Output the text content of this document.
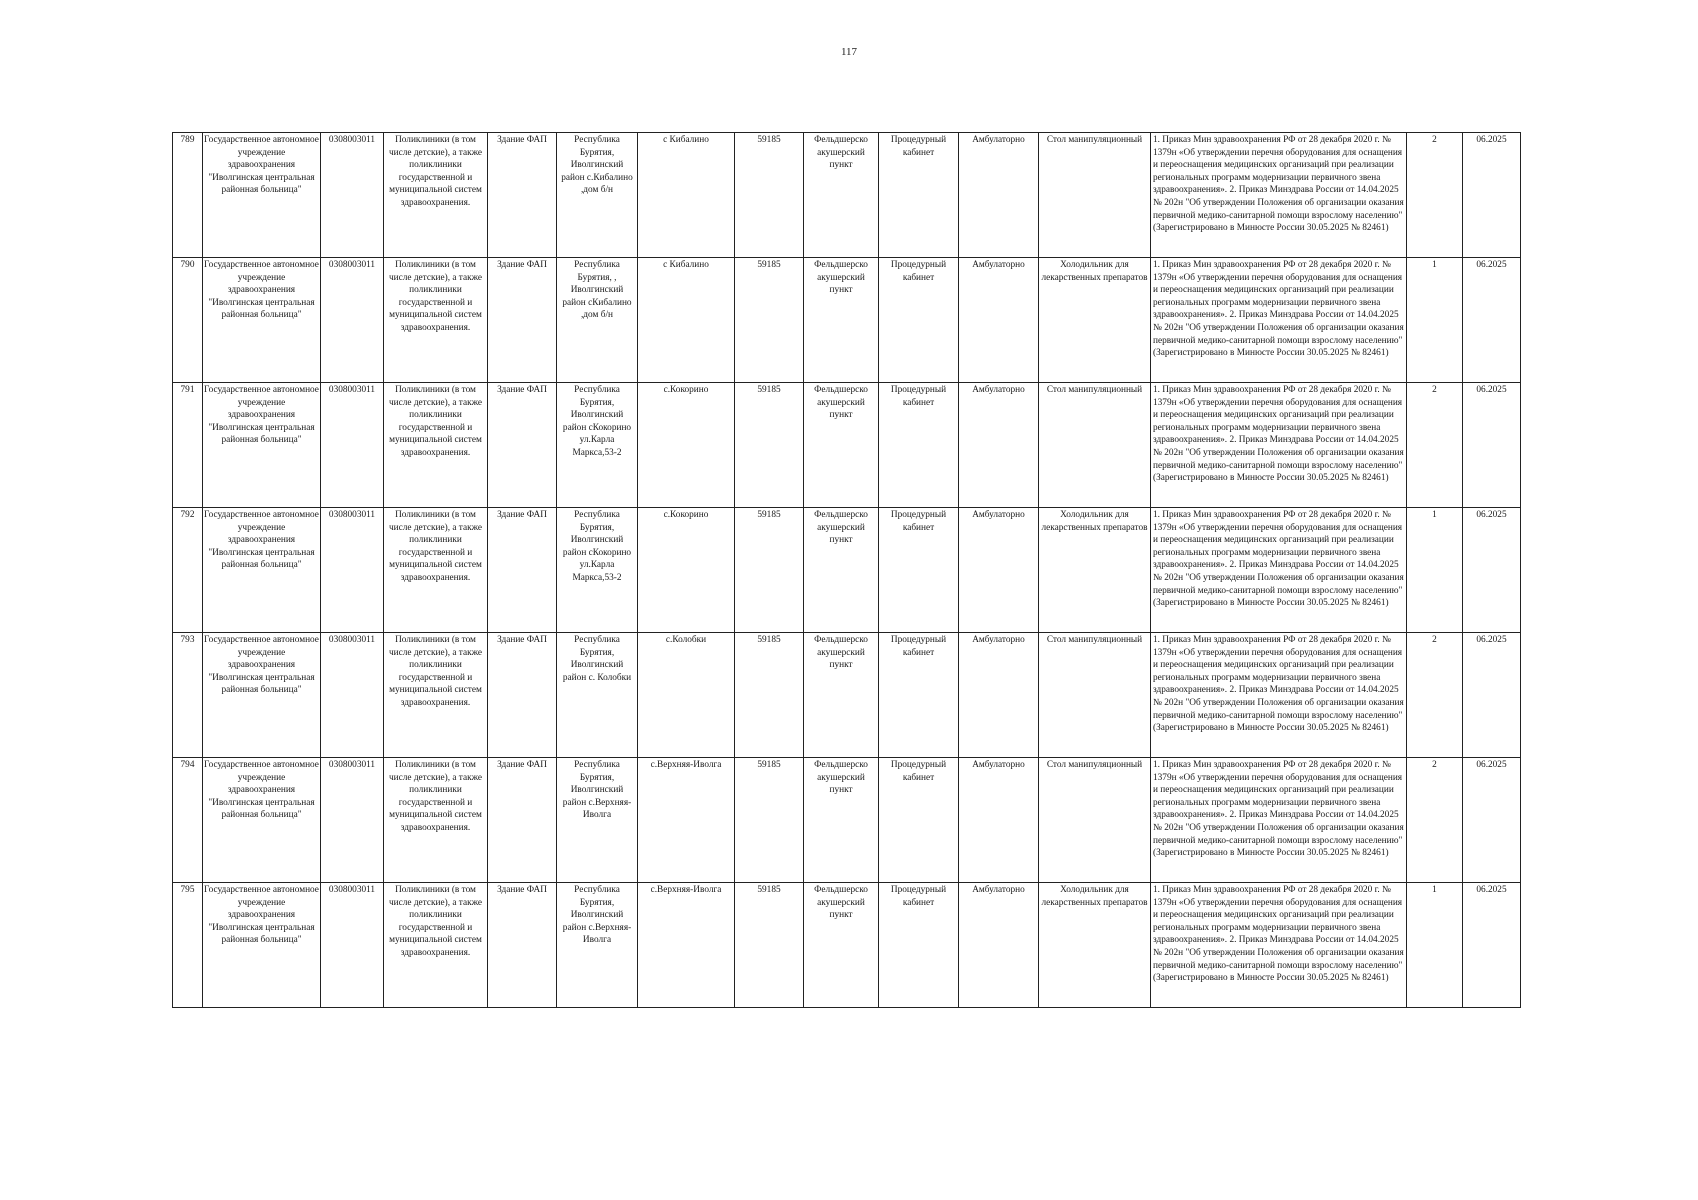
117
789	Государственное автономное учреждение здравоохранения "Иволгинская центральная районная больница"	0308003011	Поликлиники (в том числе детские), а также поликлиники государственной и муниципальной систем здравоохранения.	Здание ФАП	Республика Бурятия, Иволгинский район с.Кибалино ,дом б/н	с Кибалино	59185	Фельдшерско акушерский пункт	Процедурный кабинет	Амбулаторно	Стол манипуляционный	1. Приказ Мин здравоохранения РФ от 28 декабря 2020 г. № 1379н «Об утверждении перечня оборудования для оснащения и переоснащения медицинских организаций при реализации региональных программ модернизации первичного звена здравоохранения». 2. Приказ Минздрава России от 14.04.2025 № 202н "Об утверждении Положения об организации оказания первичной медико-санитарной помощи взрослому населению" (Зарегистрировано в Минюсте России 30.05.2025 № 82461)	2	06.2025
790	Государственное автономное учреждение здравоохранения "Иволгинская центральная районная больница"	0308003011	Поликлиники (в том числе детские), а также поликлиники государственной и муниципальной систем здравоохранения.	Здание ФАП	Республика Бурятия, , Иволгинский район сКибалино ,дом б/н	с Кибалино	59185	Фельдшерско акушерский пункт	Процедурный кабинет	Амбулаторно	Холодильник для лекарственных препаратов	1. Приказ Мин здравоохранения РФ от 28 декабря 2020 г. № 1379н «Об утверждении перечня оборудования для оснащения и переоснащения медицинских организаций при реализации региональных программ модернизации первичного звена здравоохранения». 2. Приказ Минздрава России от 14.04.2025 № 202н "Об утверждении Положения об организации оказания первичной медико-санитарной помощи взрослому населению" (Зарегистрировано в Минюсте России 30.05.2025 № 82461)	1	06.2025
791	Государственное автономное учреждение здравоохранения "Иволгинская центральная районная больница"	0308003011	Поликлиники (в том числе детские), а также поликлиники государственной и муниципальной систем здравоохранения.	Здание ФАП	Республика Бурятия, Иволгинский район сКокорино ул.Карла Маркса,53-2	с.Кокорино	59185	Фельдшерско акушерский пункт	Процедурный кабинет	Амбулаторно	Стол манипуляционный	1. Приказ Мин здравоохранения РФ от 28 декабря 2020 г. № 1379н «Об утверждении перечня оборудования для оснащения и переоснащения медицинских организаций при реализации региональных программ модернизации первичного звена здравоохранения». 2. Приказ Минздрава России от 14.04.2025 № 202н "Об утверждении Положения об организации оказания первичной медико-санитарной помощи взрослому населению" (Зарегистрировано в Минюсте России 30.05.2025 № 82461)	2	06.2025
792	Государственное автономное учреждение здравоохранения "Иволгинская центральная районная больница"	0308003011	Поликлиники (в том числе детские), а также поликлиники государственной и муниципальной систем здравоохранения.	Здание ФАП	Республика Бурятия, Иволгинский район сКокорино ул.Карла Маркса,53-2	с.Кокорино	59185	Фельдшерско акушерский пункт	Процедурный кабинет	Амбулаторно	Холодильник для лекарственных препаратов	1. Приказ Мин здравоохранения РФ от 28 декабря 2020 г. № 1379н «Об утверждении перечня оборудования для оснащения и переоснащения медицинских организаций при реализации региональных программ модернизации первичного звена здравоохранения». 2. Приказ Минздрава России от 14.04.2025 № 202н "Об утверждении Положения об организации оказания первичной медико-санитарной помощи взрослому населению" (Зарегистрировано в Минюсте России 30.05.2025 № 82461)	1	06.2025
793	Государственное автономное учреждение здравоохранения "Иволгинская центральная районная больница"	0308003011	Поликлиники (в том числе детские), а также поликлиники государственной и муниципальной систем здравоохранения.	Здание ФАП	Республика Бурятия, Иволгинский район с. Колобки	с.Колобки	59185	Фельдшерско акушерский пункт	Процедурный кабинет	Амбулаторно	Стол манипуляционный	1. Приказ Мин здравоохранения РФ от 28 декабря 2020 г. № 1379н «Об утверждении перечня оборудования для оснащения и переоснащения медицинских организаций при реализации региональных программ модернизации первичного звена здравоохранения». 2. Приказ Минздрава России от 14.04.2025 № 202н "Об утверждении Положения об организации оказания первичной медико-санитарной помощи взрослому населению" (Зарегистрировано в Минюсте России 30.05.2025 № 82461)	2	06.2025
794	Государственное автономное учреждение здравоохранения "Иволгинская центральная районная больница"	0308003011	Поликлиники (в том числе детские), а также поликлиники государственной и муниципальной систем здравоохранения.	Здание ФАП	Республика Бурятия, Иволгинский район с.Верхняя-Иволга	с.Верхняя-Иволга	59185	Фельдшерско акушерский пункт	Процедурный кабинет	Амбулаторно	Стол манипуляционный	1. Приказ Мин здравоохранения РФ от 28 декабря 2020 г. № 1379н «Об утверждении перечня оборудования для оснащения и переоснащения медицинских организаций при реализации региональных программ модернизации первичного звена здравоохранения». 2. Приказ Минздрава России от 14.04.2025 № 202н "Об утверждении Положения об организации оказания первичной медико-санитарной помощи взрослому населению" (Зарегистрировано в Минюсте России 30.05.2025 № 82461)	2	06.2025
795	Государственное автономное учреждение здравоохранения "Иволгинская центральная районная больница"	0308003011	Поликлиники (в том числе детские), а также поликлиники государственной и муниципальной систем здравоохранения.	Здание ФАП	Республика Бурятия, Иволгинский район с.Верхняя-Иволга	с.Верхняя-Иволга	59185	Фельдшерско акушерский пункт	Процедурный кабинет	Амбулаторно	Холодильник для лекарственных препаратов	1. Приказ Мин здравоохранения РФ от 28 декабря 2020 г. № 1379н «Об утверждении перечня оборудования для оснащения и переоснащения медицинских организаций при реализации региональных программ модернизации первичного звена здравоохранения». 2. Приказ Минздрава России от 14.04.2025 № 202н "Об утверждении Положения об организации оказания первичной медико-санитарной помощи взрослому населению" (Зарегистрировано в Минюсте России 30.05.2025 № 82461)	1	06.2025
